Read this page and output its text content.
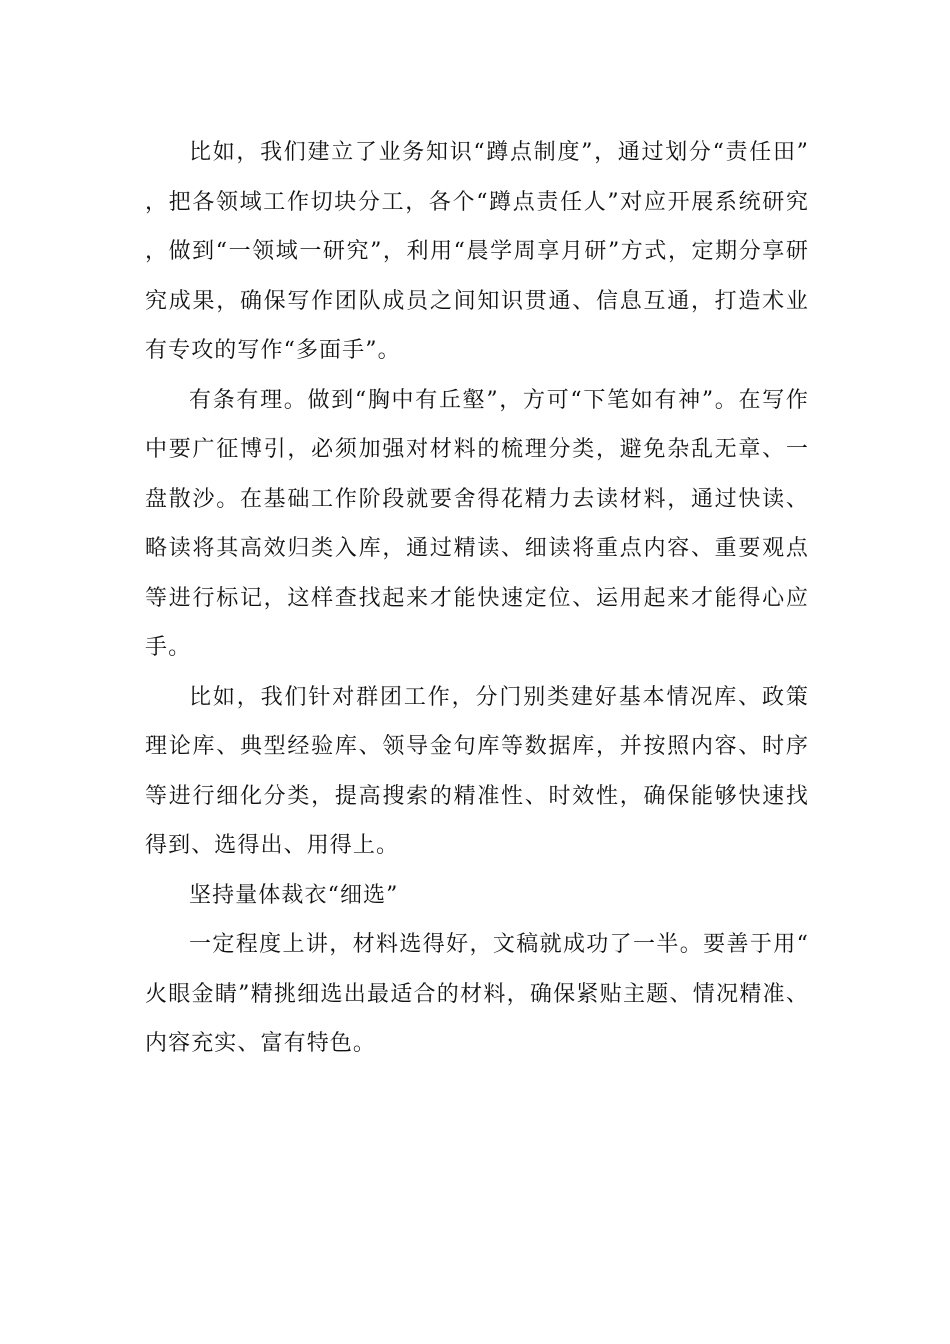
比如，我们建立了业务知识“蹲点制度”，通过划分“责任田”，把各领域工作切块分工，各个“蹲点责任人”对应开展系统研究，做到“一领域一研究”，利用“晨学周享月研”方式，定期分享研究成果，确保写作团队成员之间知识贯通、信息互通，打造术业有专攻的写作“多面手”。

有条有理。做到“胸中有丘壑”，方可“下笔如有神”。在写作中要广征博引，必须加强对材料的梳理分类，避免杂乱无章、一盘散沙。在基础工作阶段就要舍得花精力去读材料，通过快读、略读将其高效归类入库，通过精读、细读将重点内容、重要观点等进行标记，这样查找起来才能快速定位、运用起来才能得心应手。

比如，我们针对群团工作，分门别类建好基本情况库、政策理论库、典型经验库、领导金句库等数据库，并按照内容、时序等进行细化分类，提高搜索的精准性、时效性，确保能够快速找得到、选得出、用得上。

坚持量体裁衣“细选”

一定程度上讲，材料选得好，文稿就成功了一半。要善于用“火眼金睛”精挑细选出最适合的材料，确保紧贴主题、情况精准、内容充实、富有特色。
